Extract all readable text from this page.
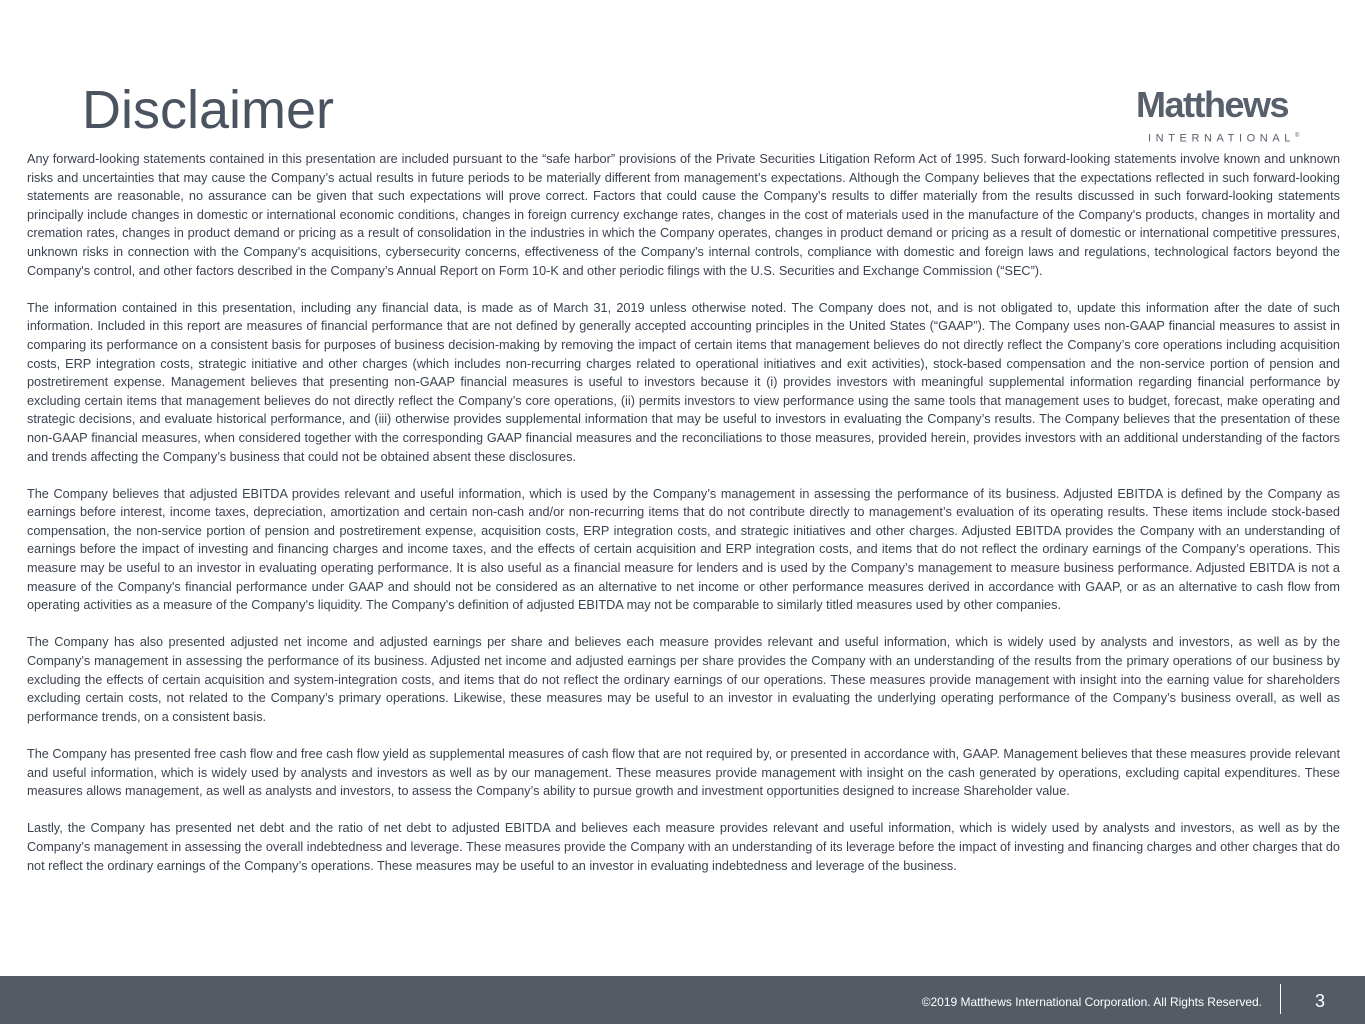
Disclaimer	Matthews
INTERNATIONAL®

Any forward-looking statements contained in this presentation are included pursuant to the “safe harbor” provisions of the Private Securities Litigation Reform Act of 1995. Such forward-looking statements involve known and unknown risks and uncertainties that may cause the Company’s actual results in future periods to be materially different from management’s expectations. Although the Company believes that the expectations reflected in such forward-looking statements are reasonable, no assurance can be given that such expectations will prove correct. Factors that could cause the Company's results to differ materially from the results discussed in such forward-looking statements principally include changes in domestic or international economic conditions, changes in foreign currency exchange rates, changes in the cost of materials used in the manufacture of the Company's products, changes in mortality and cremation rates, changes in product demand or pricing as a result of consolidation in the industries in which the Company operates, changes in product demand or pricing as a result of domestic or international competitive pressures, unknown risks in connection with the Company's acquisitions, cybersecurity concerns, effectiveness of the Company's internal controls, compliance with domestic and foreign laws and regulations, technological factors beyond the Company's control, and other factors described in the Company’s Annual Report on Form 10-K and other periodic filings with the U.S. Securities and Exchange Commission (“SEC”).

The information contained in this presentation, including any financial data, is made as of March 31, 2019 unless otherwise noted. The Company does not, and is not obligated to, update this information after the date of such information. Included in this report are measures of financial performance that are not defined by generally accepted accounting principles in the United States (“GAAP”). The Company uses non-GAAP financial measures to assist in comparing its performance on a consistent basis for purposes of business decision-making by removing the impact of certain items that management believes do not directly reflect the Company’s core operations including acquisition costs, ERP integration costs, strategic initiative and other charges (which includes non-recurring charges related to operational initiatives and exit activities), stock-based compensation and the non-service portion of pension and postretirement expense. Management believes that presenting non-GAAP financial measures is useful to investors because it (i) provides investors with meaningful supplemental information regarding financial performance by excluding certain items that management believes do not directly reflect the Company’s core operations, (ii) permits investors to view performance using the same tools that management uses to budget, forecast, make operating and strategic decisions, and evaluate historical performance, and (iii) otherwise provides supplemental information that may be useful to investors in evaluating the Company’s results. The Company believes that the presentation of these non-GAAP financial measures, when considered together with the corresponding GAAP financial measures and the reconciliations to those measures, provided herein, provides investors with an additional understanding of the factors and trends affecting the Company’s business that could not be obtained absent these disclosures.

The Company believes that adjusted EBITDA provides relevant and useful information, which is used by the Company’s management in assessing the performance of its business. Adjusted EBITDA is defined by the Company as earnings before interest, income taxes, depreciation, amortization and certain non-cash and/or non-recurring items that do not contribute directly to management’s evaluation of its operating results. These items include stock-based compensation, the non-service portion of pension and postretirement expense, acquisition costs, ERP integration costs, and strategic initiatives and other charges. Adjusted EBITDA provides the Company with an understanding of earnings before the impact of investing and financing charges and income taxes, and the effects of certain acquisition and ERP integration costs, and items that do not reflect the ordinary earnings of the Company’s operations. This measure may be useful to an investor in evaluating operating performance. It is also useful as a financial measure for lenders and is used by the Company’s management to measure business performance. Adjusted EBITDA is not a measure of the Company's financial performance under GAAP and should not be considered as an alternative to net income or other performance measures derived in accordance with GAAP, or as an alternative to cash flow from operating activities as a measure of the Company's liquidity. The Company's definition of adjusted EBITDA may not be comparable to similarly titled measures used by other companies.

The Company has also presented adjusted net income and adjusted earnings per share and believes each measure provides relevant and useful information, which is widely used by analysts and investors, as well as by the Company’s management in assessing the performance of its business. Adjusted net income and adjusted earnings per share provides the Company with an understanding of the results from the primary operations of our business by excluding the effects of certain acquisition and system-integration costs, and items that do not reflect the ordinary earnings of our operations. These measures provide management with insight into the earning value for shareholders excluding certain costs, not related to the Company’s primary operations. Likewise, these measures may be useful to an investor in evaluating the underlying operating performance of the Company’s business overall, as well as performance trends, on a consistent basis.

The Company has presented free cash flow and free cash flow yield as supplemental measures of cash flow that are not required by, or presented in accordance with, GAAP. Management believes that these measures provide relevant and useful information, which is widely used by analysts and investors as well as by our management. These measures provide management with insight on the cash generated by operations, excluding capital expenditures. These measures allows management, as well as analysts and investors, to assess the Company’s ability to pursue growth and investment opportunities designed to increase Shareholder value.

Lastly, the Company has presented net debt and the ratio of net debt to adjusted EBITDA and believes each measure provides relevant and useful information, which is widely used by analysts and investors, as well as by the Company’s management in assessing the overall indebtedness and leverage. These measures provide the Company with an understanding of its leverage before the impact of investing and financing charges and other charges that do not reflect the ordinary earnings of the Company’s operations. These measures may be useful to an investor in evaluating indebtedness and leverage of the business.

©2019 Matthews International Corporation. All Rights Reserved.	3
